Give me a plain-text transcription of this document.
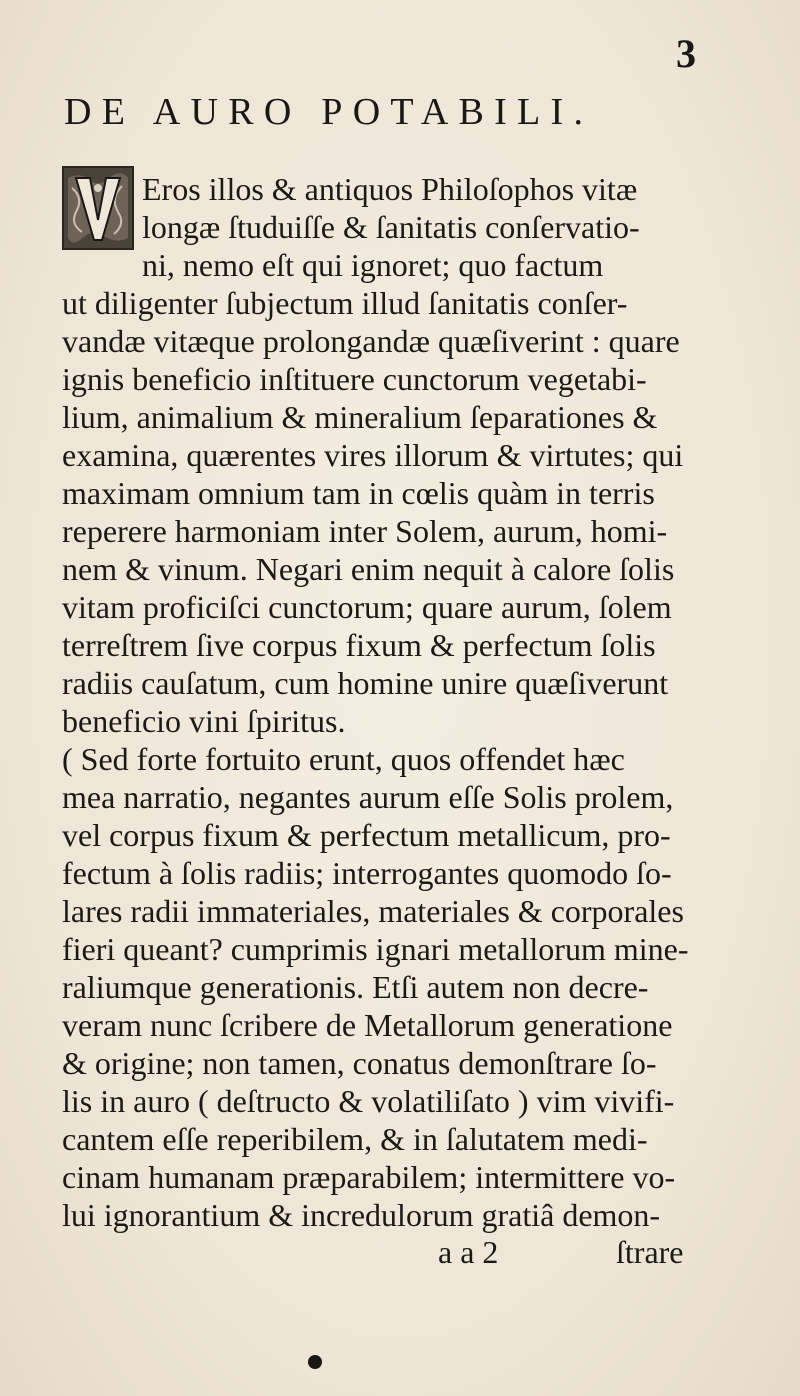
3
DE AURO POTABILI.
Eros illos & antiquos Philoſophos vitæ
longæ ſtuduiſſe & ſanitatis conſervatio-
ni, nemo eſt qui ignoret; quo factum
ut diligenter ſubjectum illud ſanitatis conſer-
vandæ vitæque prolongandæ quæſiverint : quare
ignis beneficio inſtituere cunctorum vegetabi-
lium, animalium & mineralium ſeparationes &
examina, quærentes vires illorum & virtutes; qui
maximam omnium tam in cœlis quàm in terris
reperere harmoniam inter Solem, aurum, homi-
nem & vinum. Negari enim nequit à calore ſolis
vitam proficiſci cunctorum; quare aurum, ſolem
terreſtrem ſive corpus fixum & perfectum ſolis
radiis cauſatum, cum homine unire quæſiverunt
beneficio vini ſpiritus.
( Sed forte fortuito erunt, quos offendet hæc
mea narratio, negantes aurum eſſe Solis prolem,
vel corpus fixum & perfectum metallicum, pro-
fectum à ſolis radiis; interrogantes quomodo ſo-
lares radii immateriales, materiales & corporales
fieri queant? cumprimis ignari metallorum mine-
raliumque generationis. Etſi autem non decre-
veram nunc ſcribere de Metallorum generatione
& origine; non tamen, conatus demonſtrare ſo-
lis in auro ( deſtructo & volatiliſato ) vim vivifi-
cantem eſſe reperibilem, & in ſalutatem medi-
cinam humanam præparabilem; intermittere vo-
lui ignorantium & incredulorum gratiâ demon-
a a 2	ſtrare
